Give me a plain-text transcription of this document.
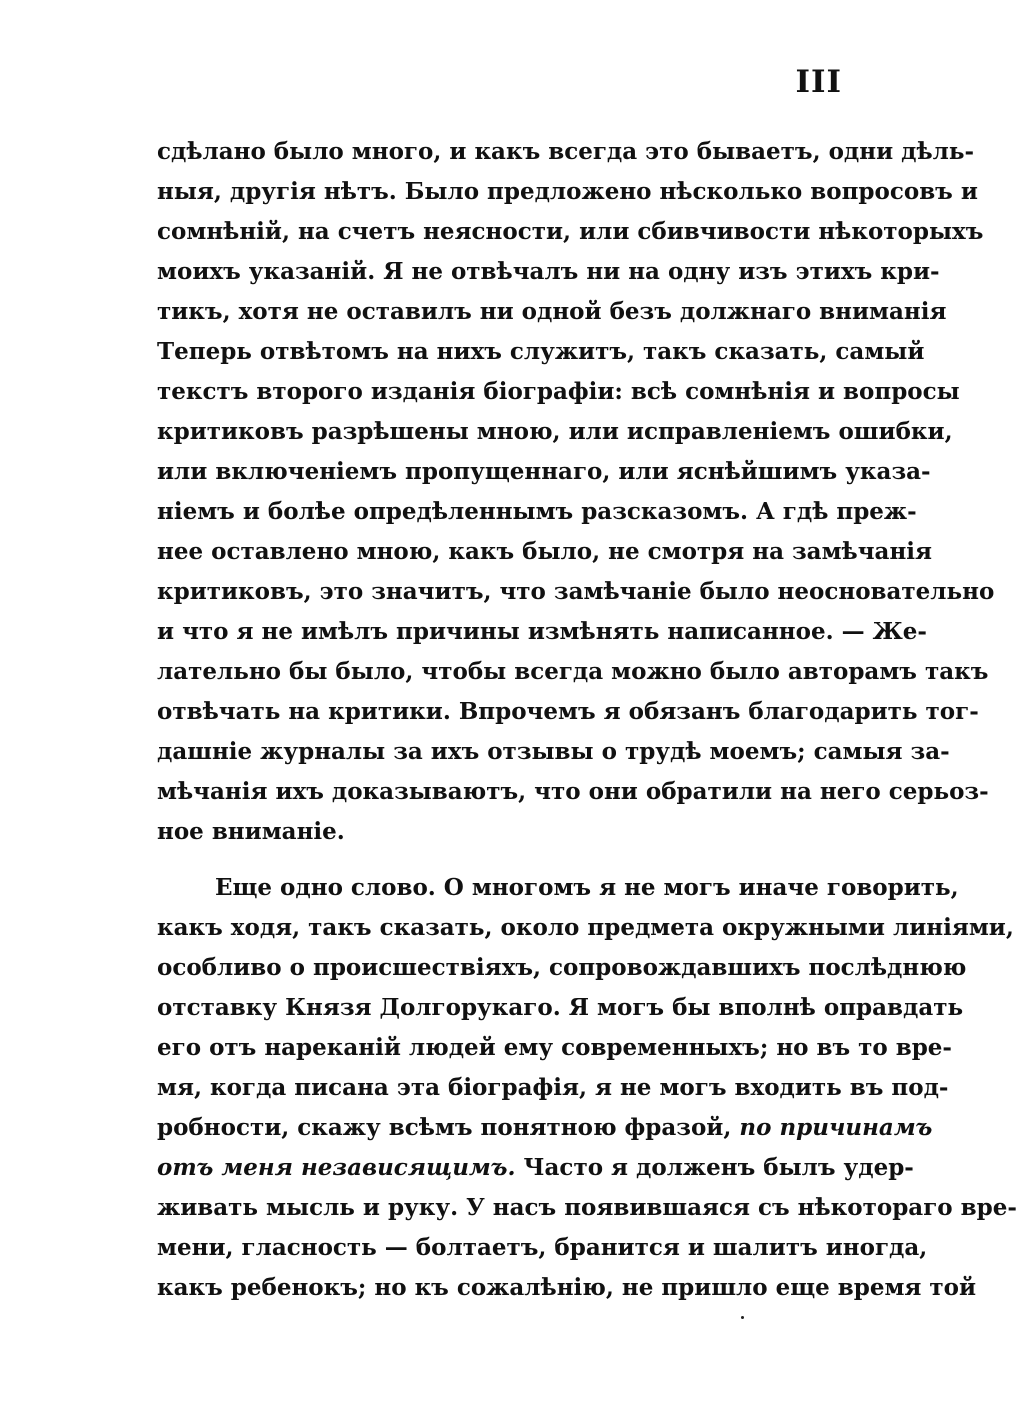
III
сдѣлано было много, и какъ всегда это бываетъ, одни дѣль-
ныя, другія нѣтъ. Было предложено нѣсколько вопросовъ и
сомнѣній, на счетъ неясности, или сбивчивости нѣкоторыхъ
моихъ указаній. Я не отвѣчалъ ни на одну изъ этихъ кри-
тикъ, хотя не оставилъ ни одной безъ должнаго вниманія
Теперь отвѣтомъ на нихъ служитъ, такъ сказать, самый
текстъ второго изданія біографіи: всѣ сомнѣнія и вопросы
критиковъ разрѣшены мною, или исправленіемъ ошибки,
или включеніемъ пропущеннаго, или яснѣйшимъ указа-
ніемъ и болѣе опредѣленнымъ разсказомъ. А гдѣ преж-
нее оставлено мною, какъ было, не смотря на замѣчанія
критиковъ, это значитъ, что замѣчаніе было неосновательно
и что я не имѣлъ причины измѣнять написанное. — Же-
лательно бы было, чтобы всегда можно было авторамъ такъ
отвѣчать на критики. Впрочемъ я обязанъ благодарить тог-
дашніе журналы за ихъ отзывы о трудѣ моемъ; самыя за-
мѣчанія ихъ доказываютъ, что они обратили на него серьоз-
ное вниманіе.
Еще одно слово. О многомъ я не могъ иначе говорить,
какъ ходя, такъ сказать, около предмета окружными линіями,
особливо о происшествіяхъ, сопровождавшихъ послѣднюю
отставку Князя Долгорукаго. Я могъ бы вполнѣ оправдать
его отъ нареканій людей ему современныхъ; но въ то вре-
мя, когда писана эта біографія, я не могъ входить въ под-
робности, скажу всѣмъ понятною фразой, по причинамъ
отъ меня независящимъ. Часто я долженъ былъ удер-
живать мысль и руку. У насъ появившаяся съ нѣкотораго вре-
мени, гласность — болтаетъ, бранится и шалитъ иногда,
какъ ребенокъ; но къ сожалѣнію, не пришло еще время той
